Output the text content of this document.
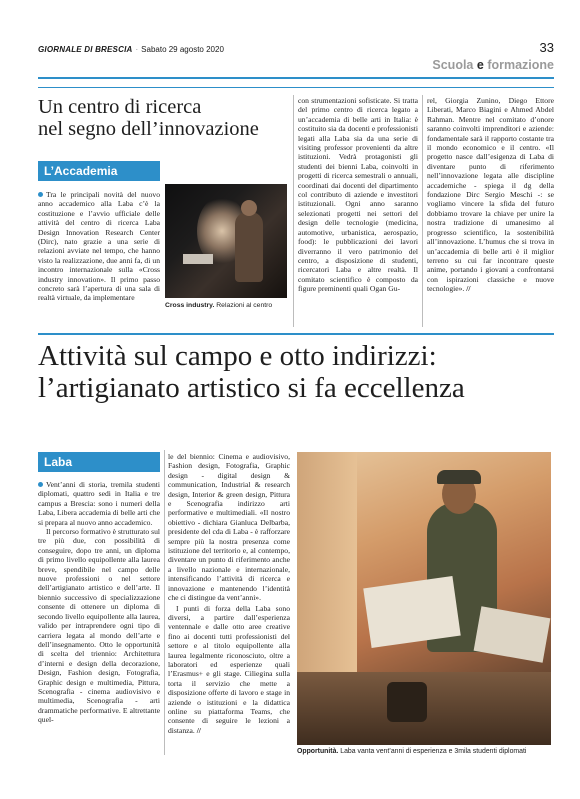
GIORNALE DI BRESCIA · Sabato 29 agosto 2020	33
Scuola e formazione
Un centro di ricerca
nel segno dell’innovazione
L’Accademia

Tra le principali novità del nuovo anno accademico alla Laba c’è la costituzione e l’avvio ufficiale delle attività del centro di ricerca Laba Design Innovation Research Center (Dirc), nato grazie a una serie di relazioni avviate nel tempo, che hanno visto la realizzazione, due anni fa, di un incontro internazionale sulla «Cross industry innovation». Il primo passo concreto sarà l’apertura di una sala di realtà virtuale, da implementare

Cross industry. Relazioni al centro

con strumentazioni sofisticate. Si tratta del primo centro di ricerca legato a un’accademia di belle arti in Italia: è costituito sia da docenti e professionisti legati alla Laba sia da una serie di visiting professor provenienti da altre istituzioni. Vedrà protagonisti gli studenti dei bienni Laba, coinvolti in progetti di ricerca semestrali o annuali, coordinati dai docenti del dipartimento col contributo di aziende e investitori istituzionali. Ogni anno saranno selezionati progetti nei settori del design delle tecnologie (medicina, automotive, urbanistica, aerospazio, food): le pubblicazioni dei lavori diverranno il vero patrimonio del centro, a disposizione di studenti, ricercatori Laba e altre realtà. Il comitato scientifico è composto da figure preminenti quali Ogan Gu-

rel, Giorgia Zunino, Diego Ettore Liberati, Marco Biagini e Ahmed Abdel Rahman. Mentre nel comitato d’onore saranno coinvolti imprenditori e aziende: fondamentale sarà il rapporto costante tra il mondo economico e il centro. «Il progetto nasce dall’esigenza di Laba di diventare punto di riferimento nell’innovazione legata alle discipline accademiche - spiega il dg della fondazione Dirc Sergio Meschi -: se vogliamo vincere la sfida del futuro dobbiamo trovare la chiave per unire la nostra tradizione di umanesimo al progresso scientifico, la sostenibilità all’innovazione. L’humus che si trova in un’accademia di belle arti è il miglior terreno su cui far incontrare queste anime, portando i giovani a confrontarsi con ispirazioni classiche e nuove tecnologie». //

Attività sul campo e otto indirizzi:
l’artigianato artistico si fa eccellenza
Laba

Vent’anni di storia, tremila studenti diplomati, quattro sedi in Italia e tre campus a Brescia: sono i numeri della Laba, Libera accademia di belle arti che si prepara al nuovo anno accademico.

Il percorso formativo è strutturato sul tre più due, con possibilità di conseguire, dopo tre anni, un diploma di primo livello equipollente alla laurea breve, spendibile nel campo delle nuove professioni o nel settore dell’artigianato artistico e dell’arte. Il biennio successivo di specializzazione consente di ottenere un diploma di secondo livello equipollente alla laurea, valido per intraprendere ogni tipo di carriera legata al mondo dell’arte e dell’insegnamento. Otto le opportunità di scelta del triennio: Architettura d’interni e design della decorazione, Design, Fashion design, Fotografia, Graphic design e multimedia, Pittura, Scenografia - cinema audiovisivo e multimedia, Scenografia - arti drammatiche performative. E altrettante quel-

le del biennio: Cinema e audiovisivo, Fashion design, Fotografia, Graphic design - digital design & communication, Industrial & research design, Interior & green design, Pittura e Scenografia indirizzo arti performative e multimediali. «Il nostro obiettivo - dichiara Gianluca Delbarba, presidente del cda di Laba - è rafforzare sempre più la nostra presenza come istituzione del territorio e, al contempo, diventare un punto di riferimento anche a livello nazionale e internazionale, intensificando l’attività di ricerca e innovazione e mantenendo l’identità che ci distingue da vent’anni».

I punti di forza della Laba sono diversi, a partire dall’esperienza ventennale e dalle otto aree creative fino ai docenti tutti professionisti del settore e al titolo equipollente alla laurea legalmente riconosciuto, oltre a laboratori ed esperienze quali l’Erasmus+ e gli stage. Ciliegina sulla torta il servizio che mette a disposizione offerte di lavoro e stage in aziende o istituzioni e la didattica online su piattaforma Teams, che consente di seguire le lezioni a distanza. //

Opportunità. Laba vanta vent’anni di esperienza e 3mila studenti diplomati
